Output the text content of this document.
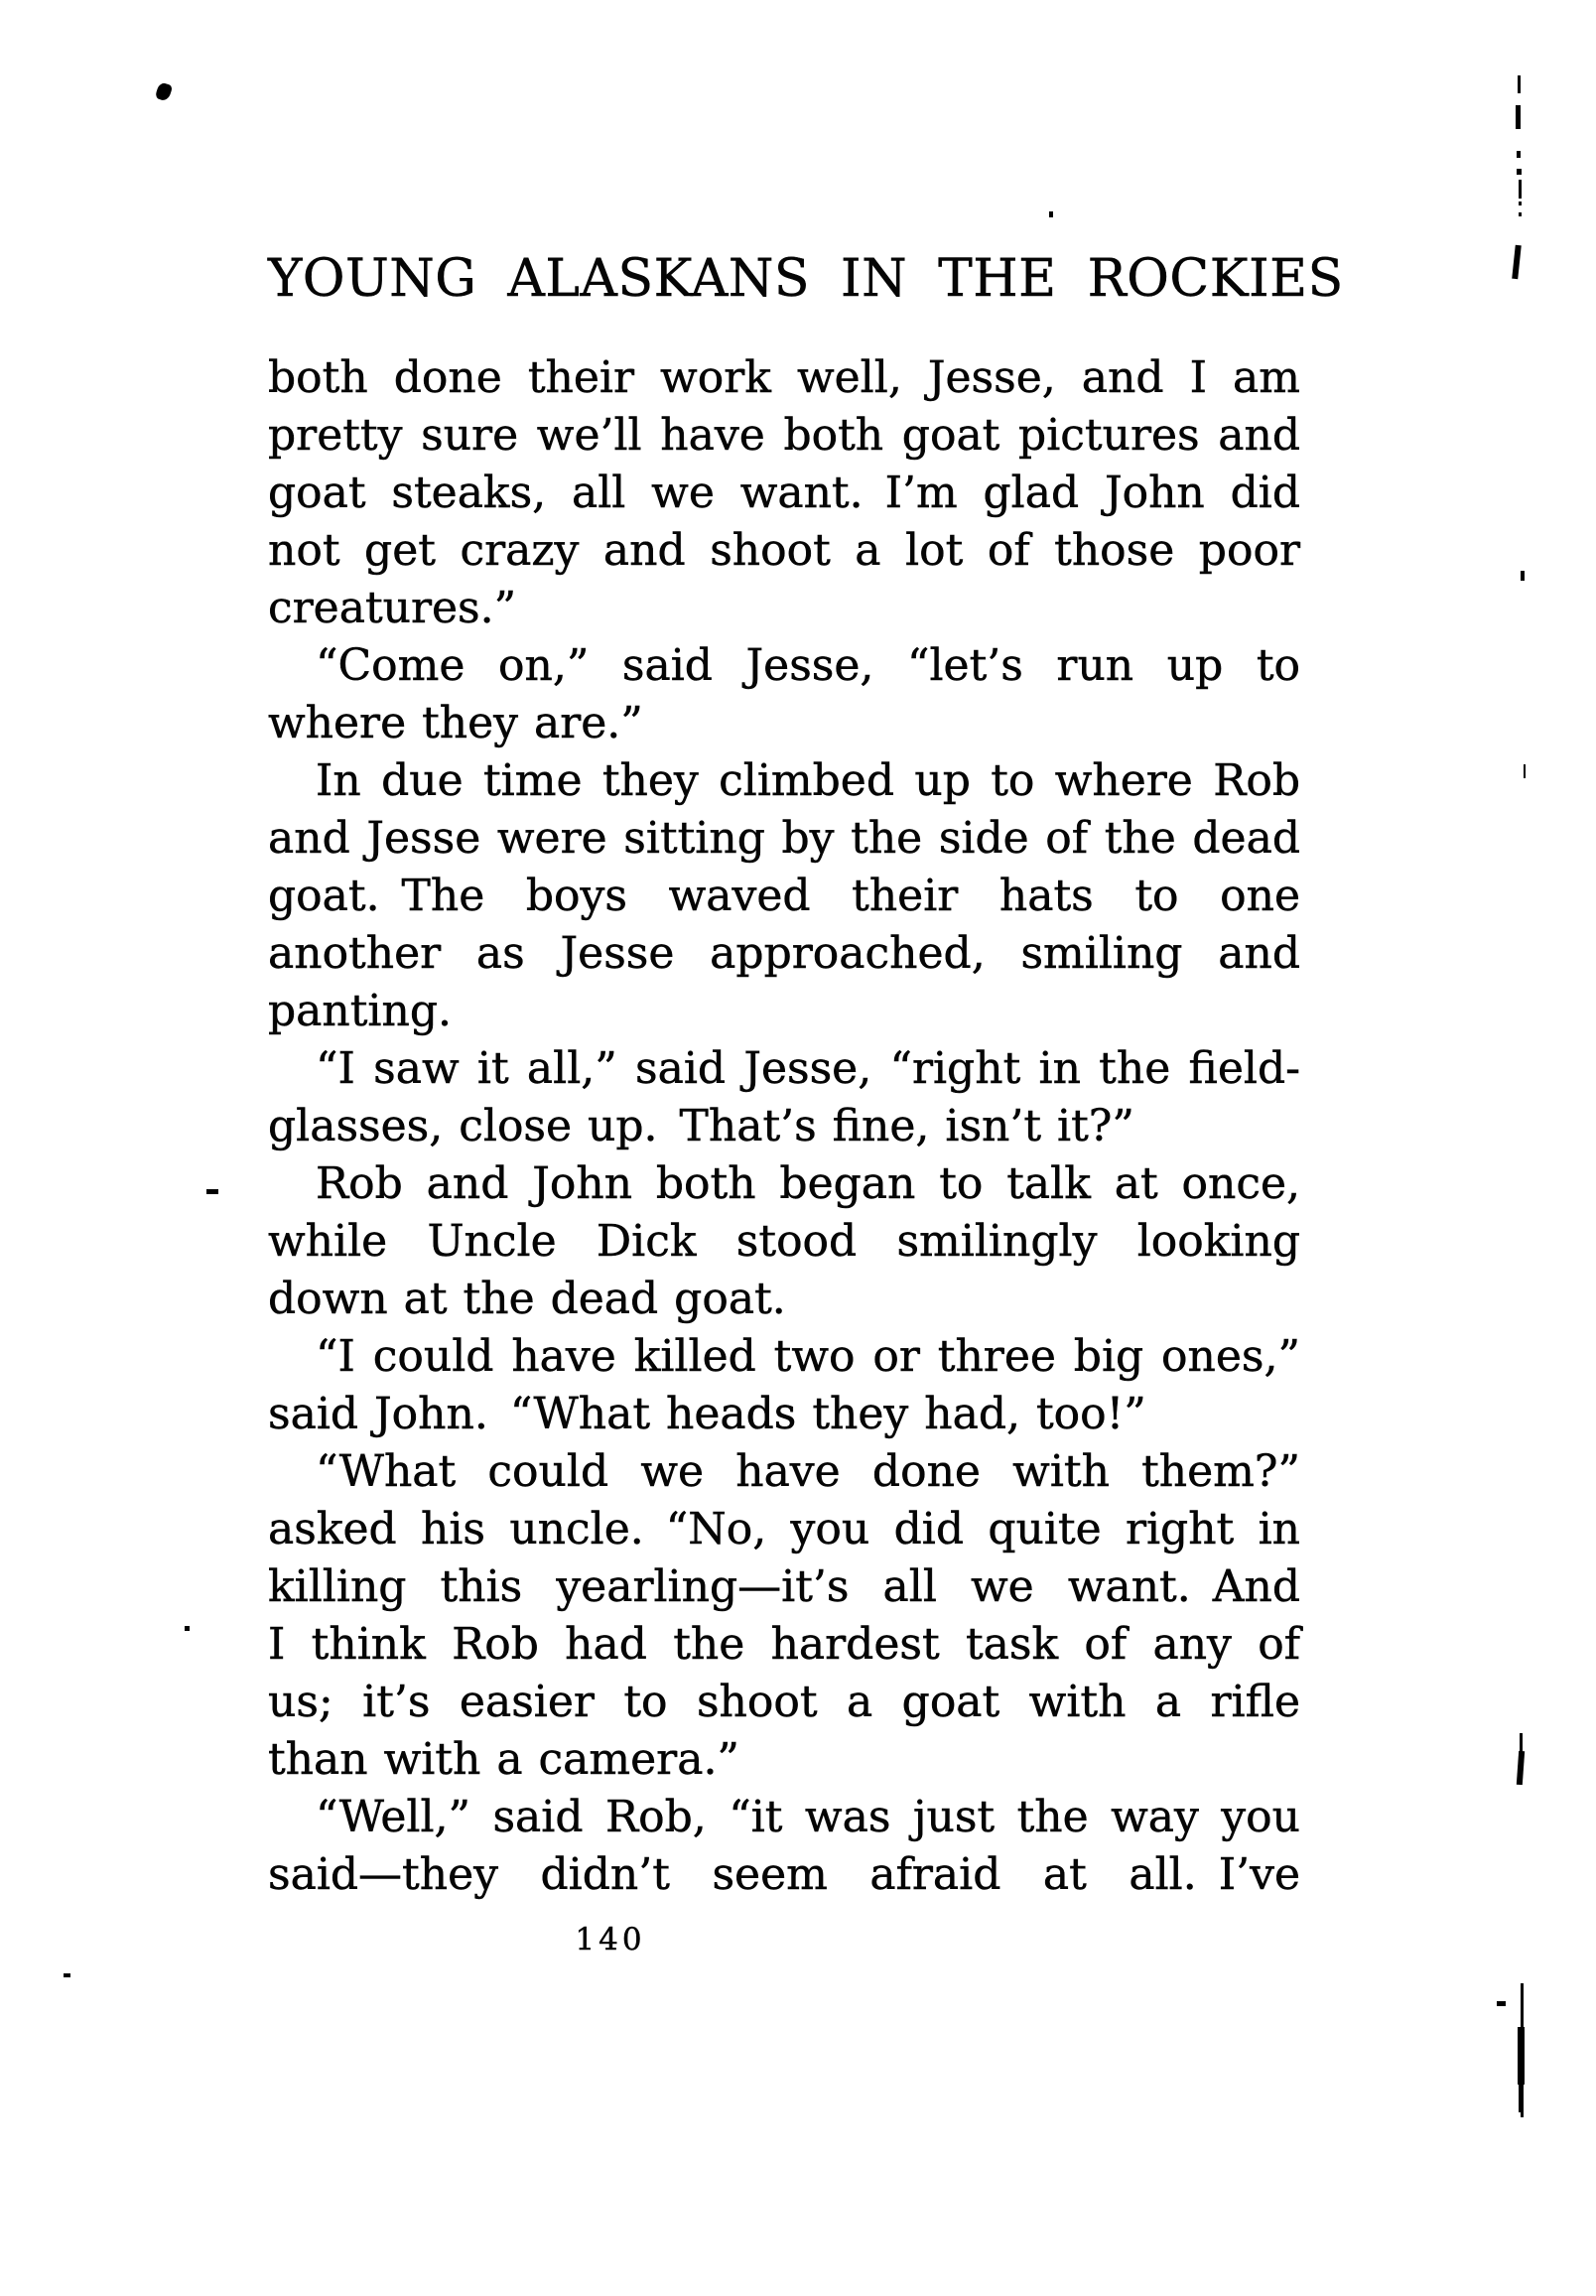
YOUNG ALASKANS IN THE ROCKIES
both done their work well, Jesse, and I am
pretty sure we’ll have both goat pictures and
goat steaks, all we want. I’m glad John did
not get crazy and shoot a lot of those poor
creatures.”
“Come on,” said Jesse, “let’s run up to
where they are.”
In due time they climbed up to where Rob
and Jesse were sitting by the side of the dead
goat. The boys waved their hats to one
another as Jesse approached, smiling and
panting.
“I saw it all,” said Jesse, “right in the field-
glasses, close up. That’s fine, isn’t it?”
Rob and John both began to talk at once,
while Uncle Dick stood smilingly looking
down at the dead goat.
“I could have killed two or three big ones,”
said John. “What heads they had, too!”
“What could we have done with them?”
asked his uncle. “No, you did quite right in
killing this yearling—it’s all we want. And
I think Rob had the hardest task of any of
us; it’s easier to shoot a goat with a rifle
than with a camera.”
“Well,” said Rob, “it was just the way you
said—they didn’t seem afraid at all. I’ve
140
